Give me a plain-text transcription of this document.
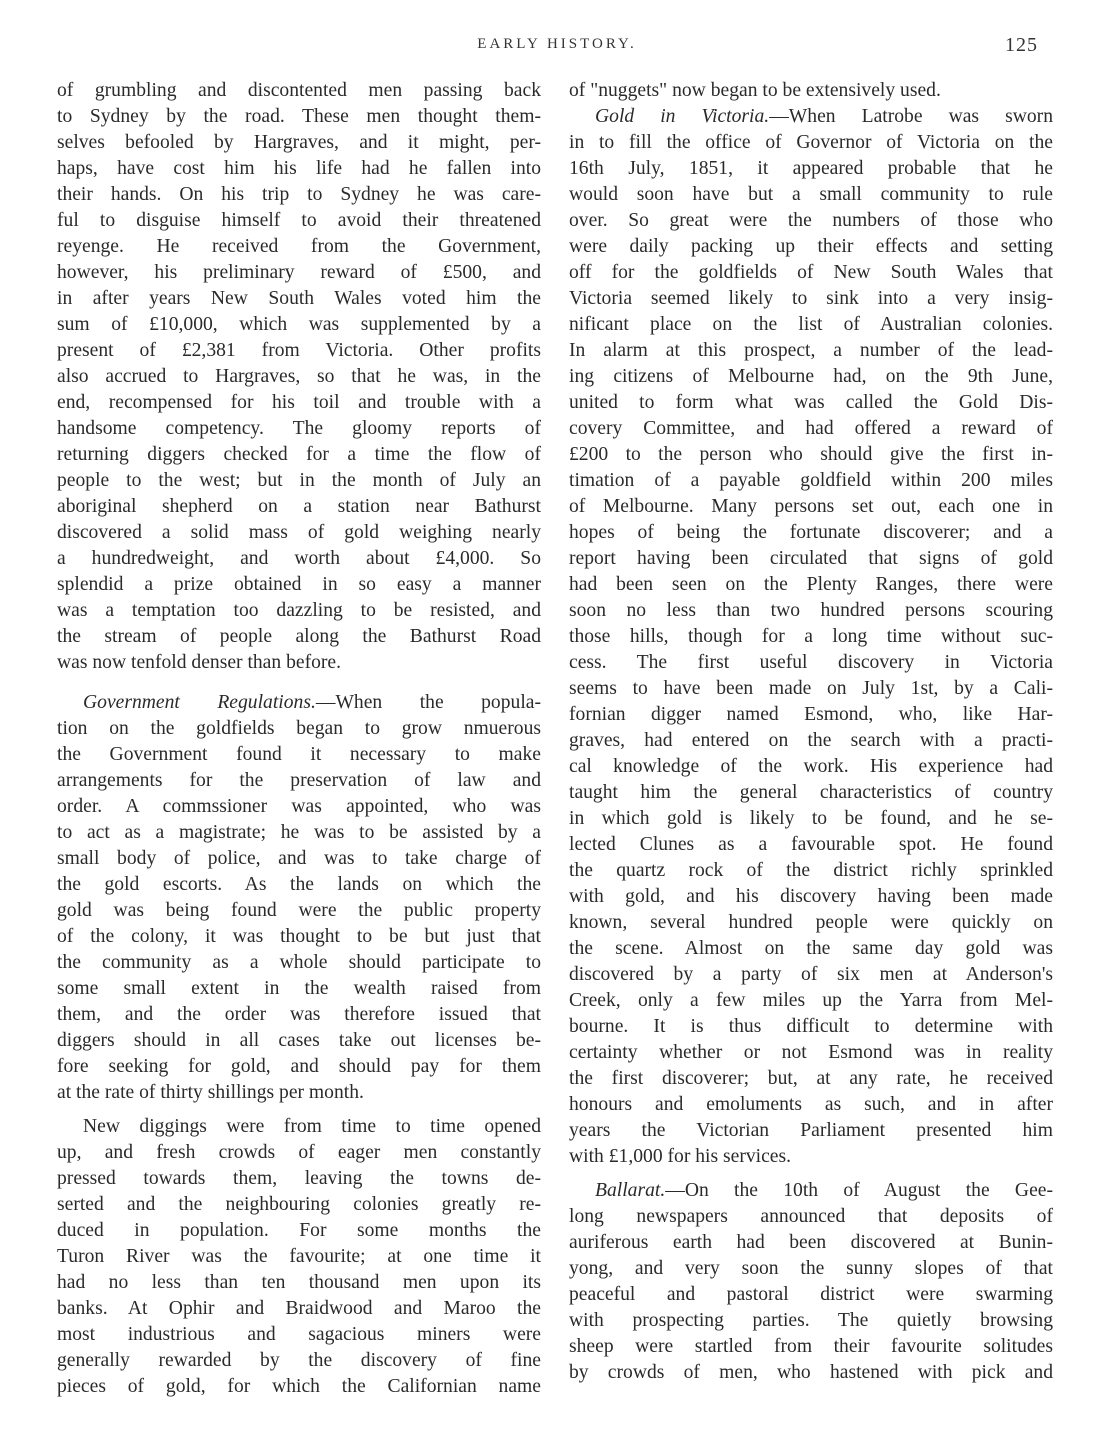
EARLY HISTORY.	125
of grumbling and discontented men passing back
to Sydney by the road. These men thought them-
selves befooled by Hargraves, and it might, per-
haps, have cost him his life had he fallen into
their hands. On his trip to Sydney he was care-
ful to disguise himself to avoid their threatened
reyenge. He received from the Government,
however, his preliminary reward of £500, and
in after years New South Wales voted him the
sum of £10,000, which was supplemented by a
present of £2,381 from Victoria. Other profits
also accrued to Hargraves, so that he was, in the
end, recompensed for his toil and trouble with a
handsome competency. The gloomy reports of
returning diggers checked for a time the flow of
people to the west; but in the month of July an
aboriginal shepherd on a station near Bathurst
discovered a solid mass of gold weighing nearly
a hundredweight, and worth about £4,000. So
splendid a prize obtained in so easy a manner
was a temptation too dazzling to be resisted, and
the stream of people along the Bathurst Road
was now tenfold denser than before.
Government Regulations.—When the popula-
tion on the goldfields began to grow nmuerous
the Government found it necessary to make
arrangements for the preservation of law and
order. A commssioner was appointed, who was
to act as a magistrate; he was to be assisted by a
small body of police, and was to take charge of
the gold escorts. As the lands on which the
gold was being found were the public property
of the colony, it was thought to be but just that
the community as a whole should participate to
some small extent in the wealth raised from
them, and the order was therefore issued that
diggers should in all cases take out licenses be-
fore seeking for gold, and should pay for them
at the rate of thirty shillings per month.
New diggings were from time to time opened
up, and fresh crowds of eager men constantly
pressed towards them, leaving the towns de-
serted and the neighbouring colonies greatly re-
duced in population. For some months the
Turon River was the favourite; at one time it
had no less than ten thousand men upon its
banks. At Ophir and Braidwood and Maroo the
most industrious and sagacious miners were
generally rewarded by the discovery of fine
pieces of gold, for which the Californian name
of "nuggets" now began to be extensively used.
Gold in Victoria.—When Latrobe was sworn
in to fill the office of Governor of Victoria on the
16th July, 1851, it appeared probable that he
would soon have but a small community to rule
over. So great were the numbers of those who
were daily packing up their effects and setting
off for the goldfields of New South Wales that
Victoria seemed likely to sink into a very insig-
nificant place on the list of Australian colonies.
In alarm at this prospect, a number of the lead-
ing citizens of Melbourne had, on the 9th June,
united to form what was called the Gold Dis-
covery Committee, and had offered a reward of
£200 to the person who should give the first in-
timation of a payable goldfield within 200 miles
of Melbourne. Many persons set out, each one in
hopes of being the fortunate discoverer; and a
report having been circulated that signs of gold
had been seen on the Plenty Ranges, there were
soon no less than two hundred persons scouring
those hills, though for a long time without suc-
cess. The first useful discovery in Victoria
seems to have been made on July 1st, by a Cali-
fornian digger named Esmond, who, like Har-
graves, had entered on the search with a practi-
cal knowledge of the work. His experience had
taught him the general characteristics of country
in which gold is likely to be found, and he se-
lected Clunes as a favourable spot. He found
the quartz rock of the district richly sprinkled
with gold, and his discovery having been made
known, several hundred people were quickly on
the scene. Almost on the same day gold was
discovered by a party of six men at Anderson's
Creek, only a few miles up the Yarra from Mel-
bourne. It is thus difficult to determine with
certainty whether or not Esmond was in reality
the first discoverer; but, at any rate, he received
honours and emoluments as such, and in after
years the Victorian Parliament presented him
with £1,000 for his services.
Ballarat.—On the 10th of August the Gee-
long newspapers announced that deposits of
auriferous earth had been discovered at Bunin-
yong, and very soon the sunny slopes of that
peaceful and pastoral district were swarming
with prospecting parties. The quietly browsing
sheep were startled from their favourite solitudes
by crowds of men, who hastened with pick and
